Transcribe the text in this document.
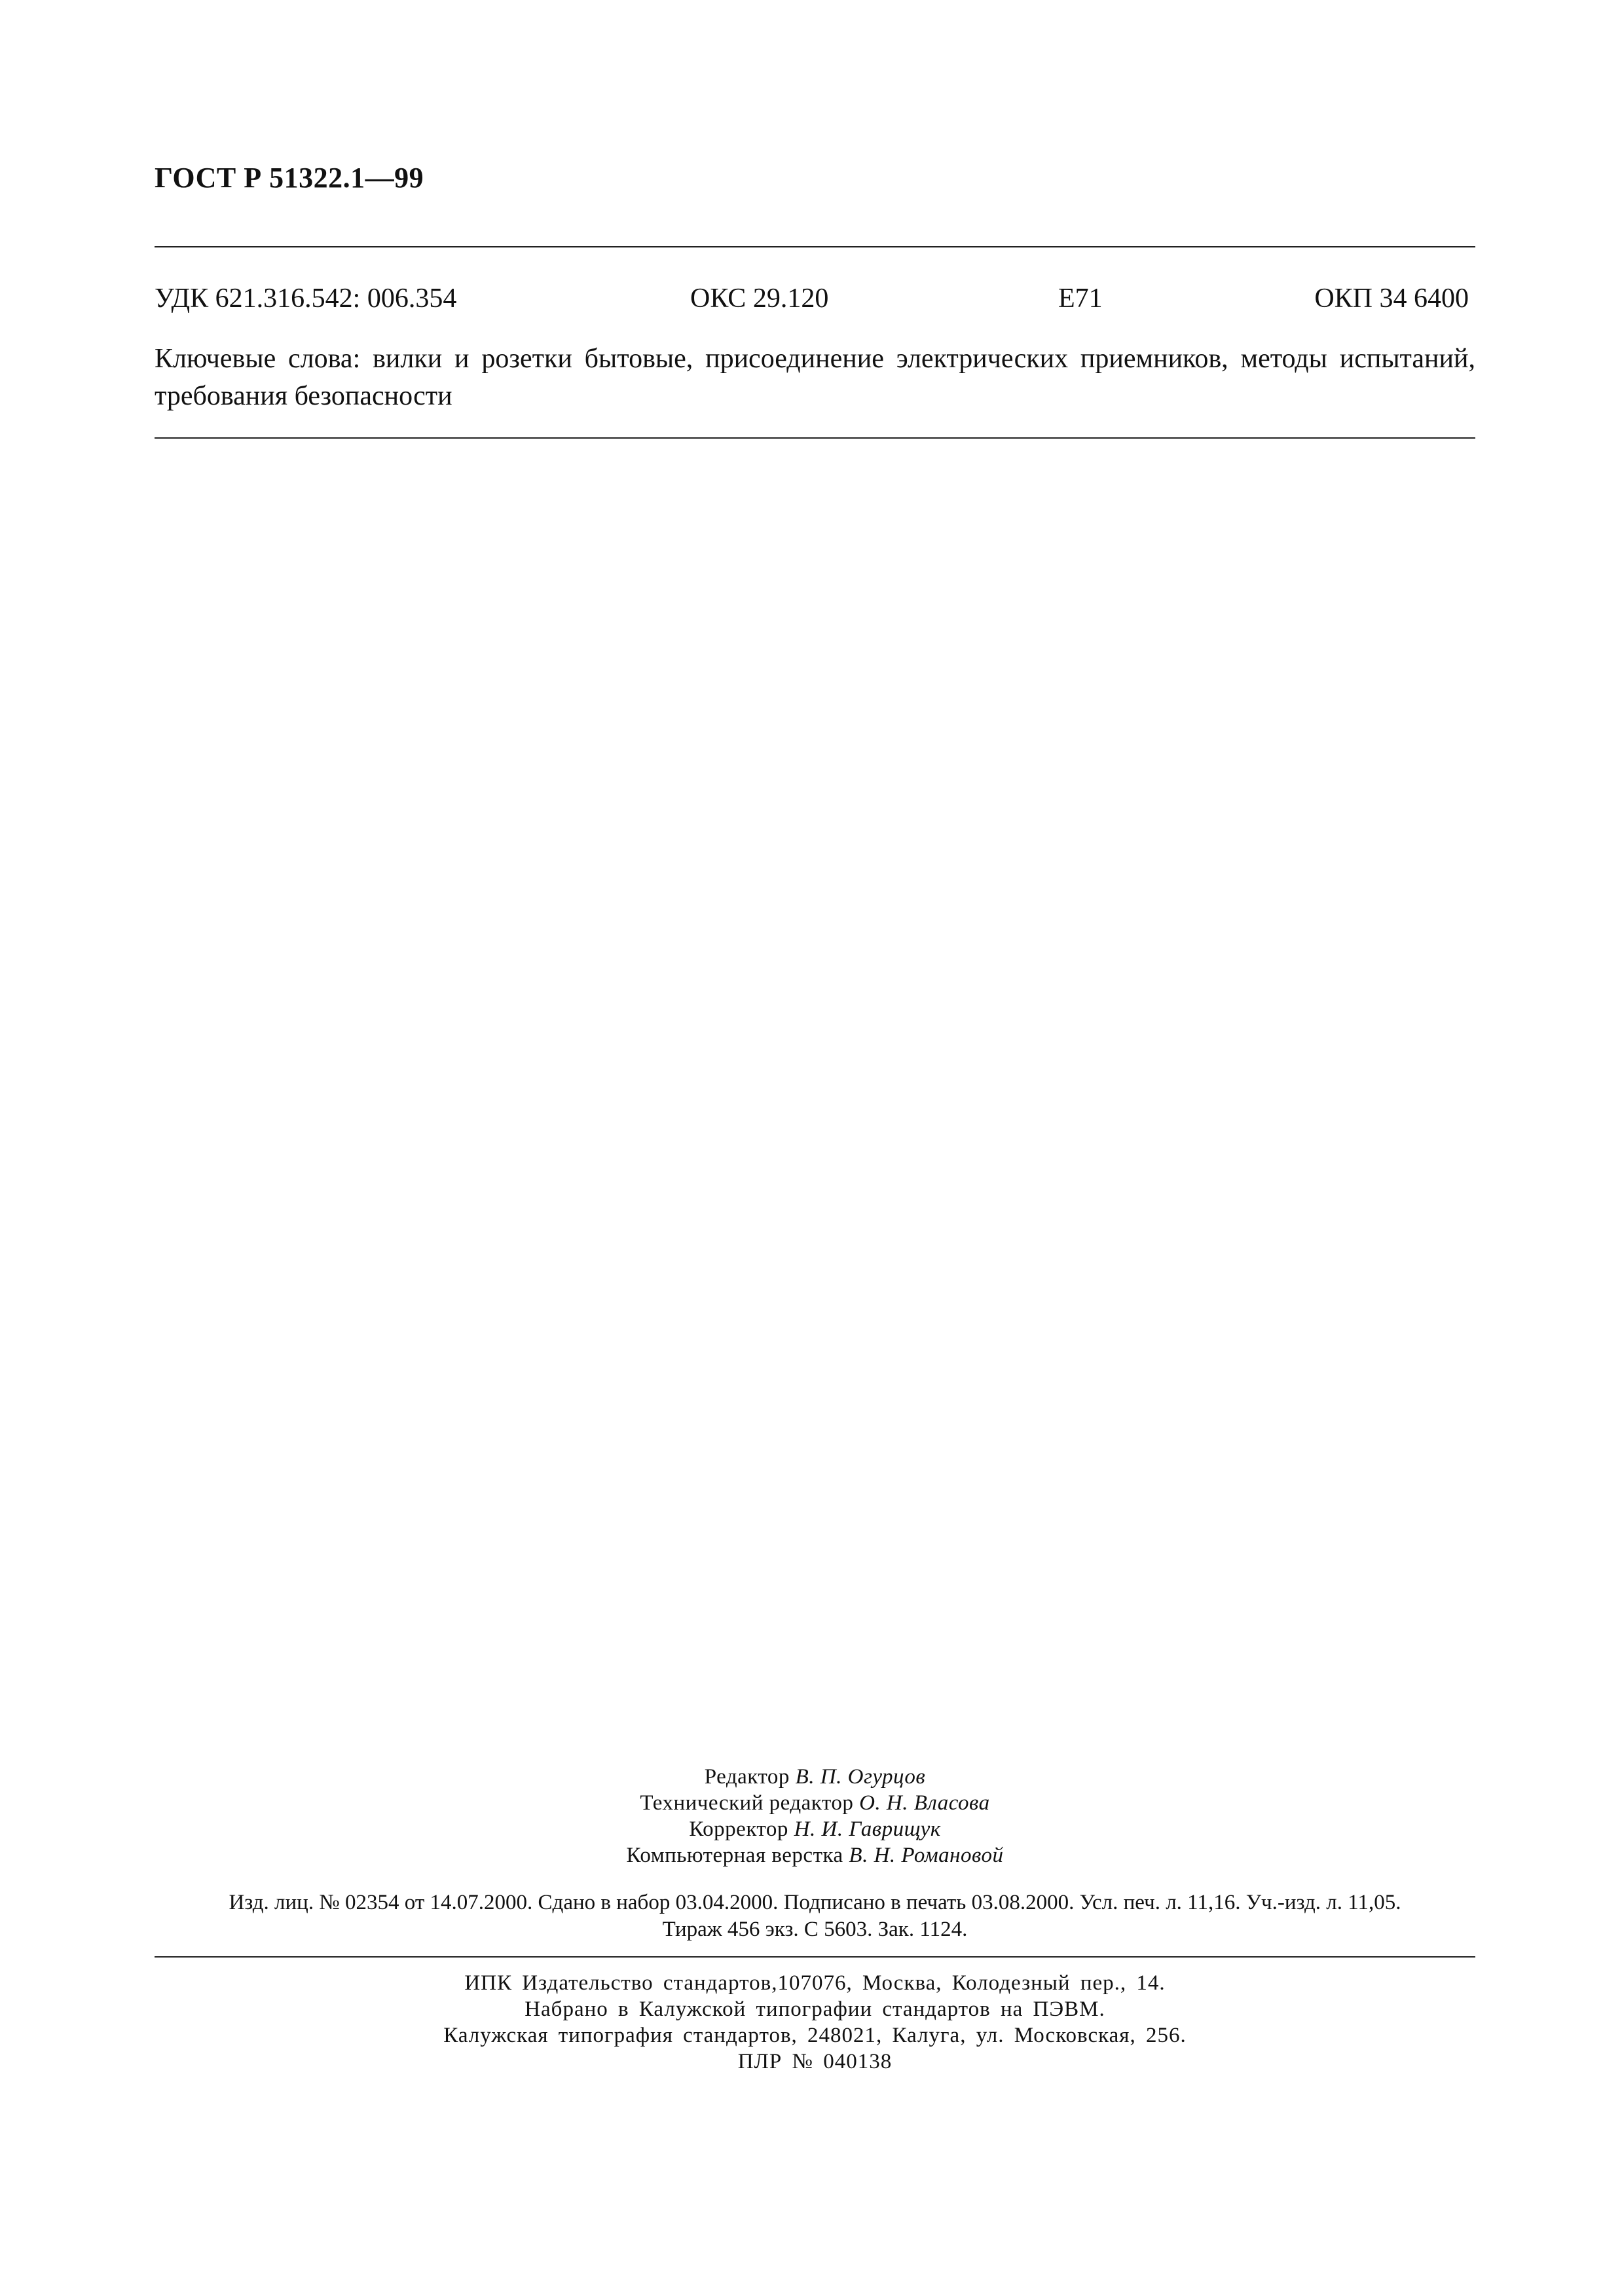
ГОСТ Р 51322.1—99
УДК 621.316.542: 006.354	ОКС 29.120	Е71	ОКП 34 6400
Ключевые слова: вилки и розетки бытовые, присоединение электрических приемников, методы испытаний, требования безопасности
Редактор В. П. Огурцов
Технический редактор О. Н. Власова
Корректор Н. И. Гаврищук
Компьютерная верстка В. Н. Романовой
Изд. лиц. № 02354 от 14.07.2000. Сдано в набор 03.04.2000. Подписано в печать 03.08.2000. Усл. печ. л. 11,16. Уч.-изд. л. 11,05.
Тираж 456 экз. С 5603. Зак. 1124.
ИПК Издательство стандартов,107076, Москва, Колодезный пер., 14.
Набрано в Калужской типографии стандартов на ПЭВМ.
Калужская типография стандартов, 248021, Калуга, ул. Московская, 256.
ПЛР № 040138
